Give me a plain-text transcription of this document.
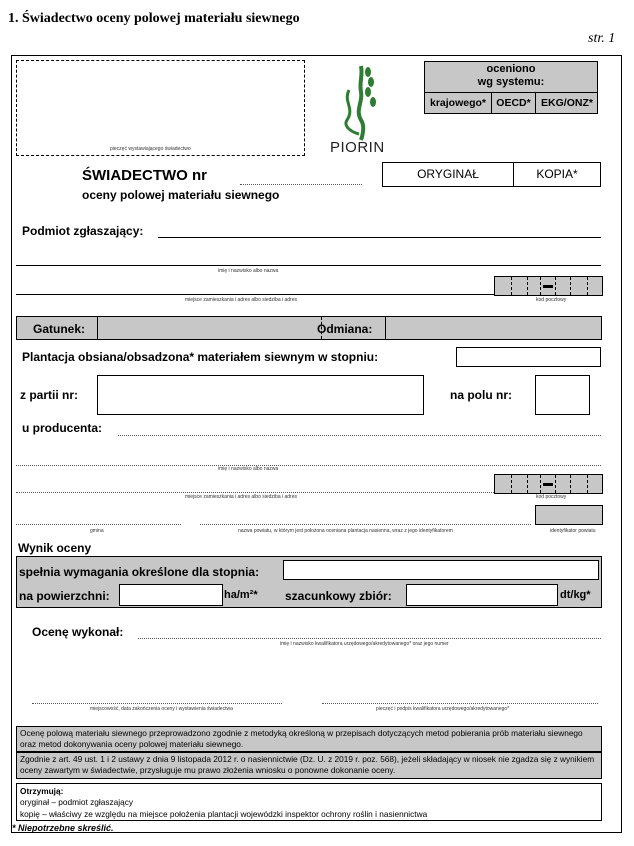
1. Świadectwo oceny polowej materiału siewnego
str. 1
pieczęć wystawiającego świadectwo	PIORIN
oceniono
wg systemu:
krajowego* OECD* EKG/ONZ*
ŚWIADECTWO nr
oceny polowej materiału siewnego
ORYGINAŁ	KOPIA*
Podmiot zgłaszający:
imię i nazwisko albo nazwa
miejsce zamieszkania i adres albo siedziba i adres	kod pocztowy
Gatunek:	Odmiana:
Plantacja obsiana/obsadzona* materiałem siewnym w stopniu:
z partii nr:	na polu nr:
u producenta:
imię i nazwisko albo nazwa
miejsce zamieszkania i adres albo siedziba i adres	kod pocztowy
gmina	nazwa powiatu, w którym jest położona oceniana plantacja nasienna, wraz z jego identyfikatorem	identyfikator powiatu
Wynik oceny
spełnia wymagania określone dla stopnia:
na powierzchni:	ha/m²* szacunkowy zbiór:	dt/kg*
Ocenę wykonał:
imię i nazwisko kwalifikatora urzędowego/akredytowanego* oraz jego numer
miejscowość, data zakończenia oceny i wystawienia świadectwa	pieczęć i podpis kwalifikatora urzędowego/akredytowanego*
Ocenę polową materiału siewnego przeprowadzono zgodnie z metodyką określoną w przepisach dotyczących metod pobierania prób materiału siewnego oraz metod dokonywania oceny polowej materiału siewnego.
Zgodnie z art. 49 ust. 1 i 2 ustawy z dnia 9 listopada 2012 r. o nasiennictwie (Dz. U. z 2019 r. poz. 568), jeżeli składający w niosek nie zgadza się z wynikiem oceny zawartym w świadectwie, przysługuje mu prawo złożenia wniosku o ponowne dokonanie oceny.
Otrzymują:
oryginał – podmiot zgłaszający
kopię – właściwy ze względu na miejsce położenia plantacji wojewódzki inspektor ochrony roślin i nasiennictwa
* Niepotrzebne skreślić.
